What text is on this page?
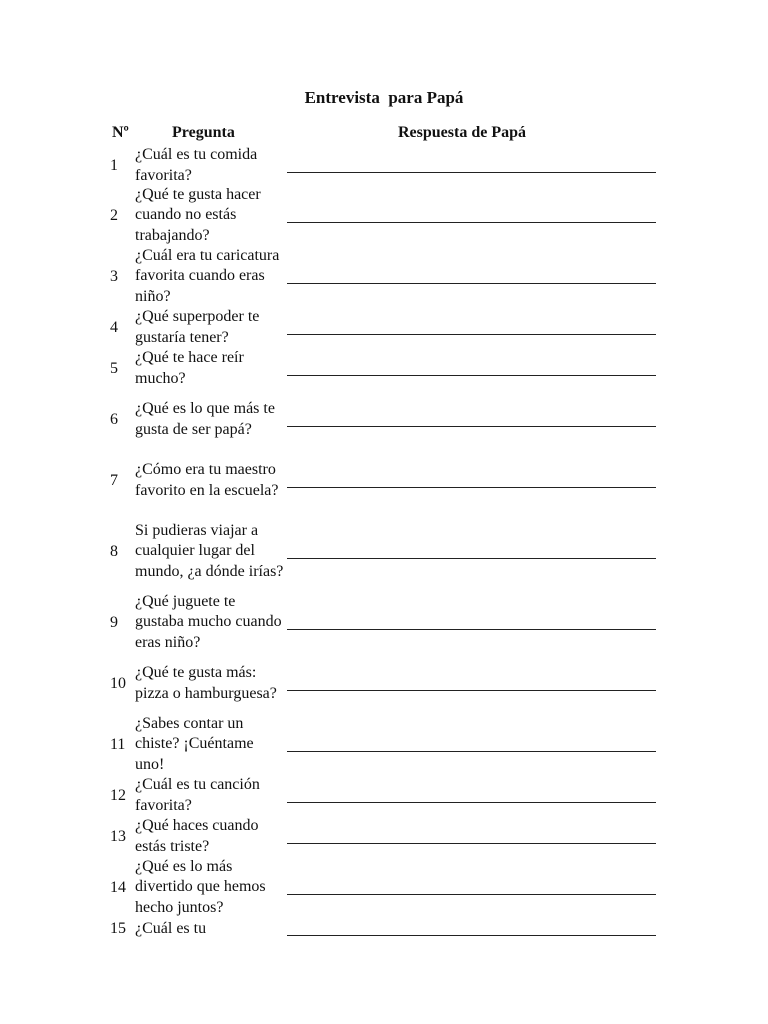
Entrevista  para Papá
Nº	Pregunta	Respuesta de Papá
1
¿Cuál es tu comida favorita?
2
¿Qué te gusta hacer cuando no estás trabajando?
3
¿Cuál era tu caricatura favorita cuando eras niño?
4
¿Qué superpoder te gustaría tener?
5
¿Qué te hace reír mucho?
6
¿Qué es lo que más te gusta de ser papá?
7
¿Cómo era tu maestro favorito en la escuela?
8
Si pudieras viajar a cualquier lugar del mundo, ¿a dónde irías?
9
¿Qué juguete te gustaba mucho cuando eras niño?
10
¿Qué te gusta más: pizza o hamburguesa?
11
¿Sabes contar un chiste? ¡Cuéntame uno!
12
¿Cuál es tu canción favorita?
13
¿Qué haces cuando estás triste?
14
¿Qué es lo más divertido que hemos hecho juntos?
15 ¿Cuál es tu
